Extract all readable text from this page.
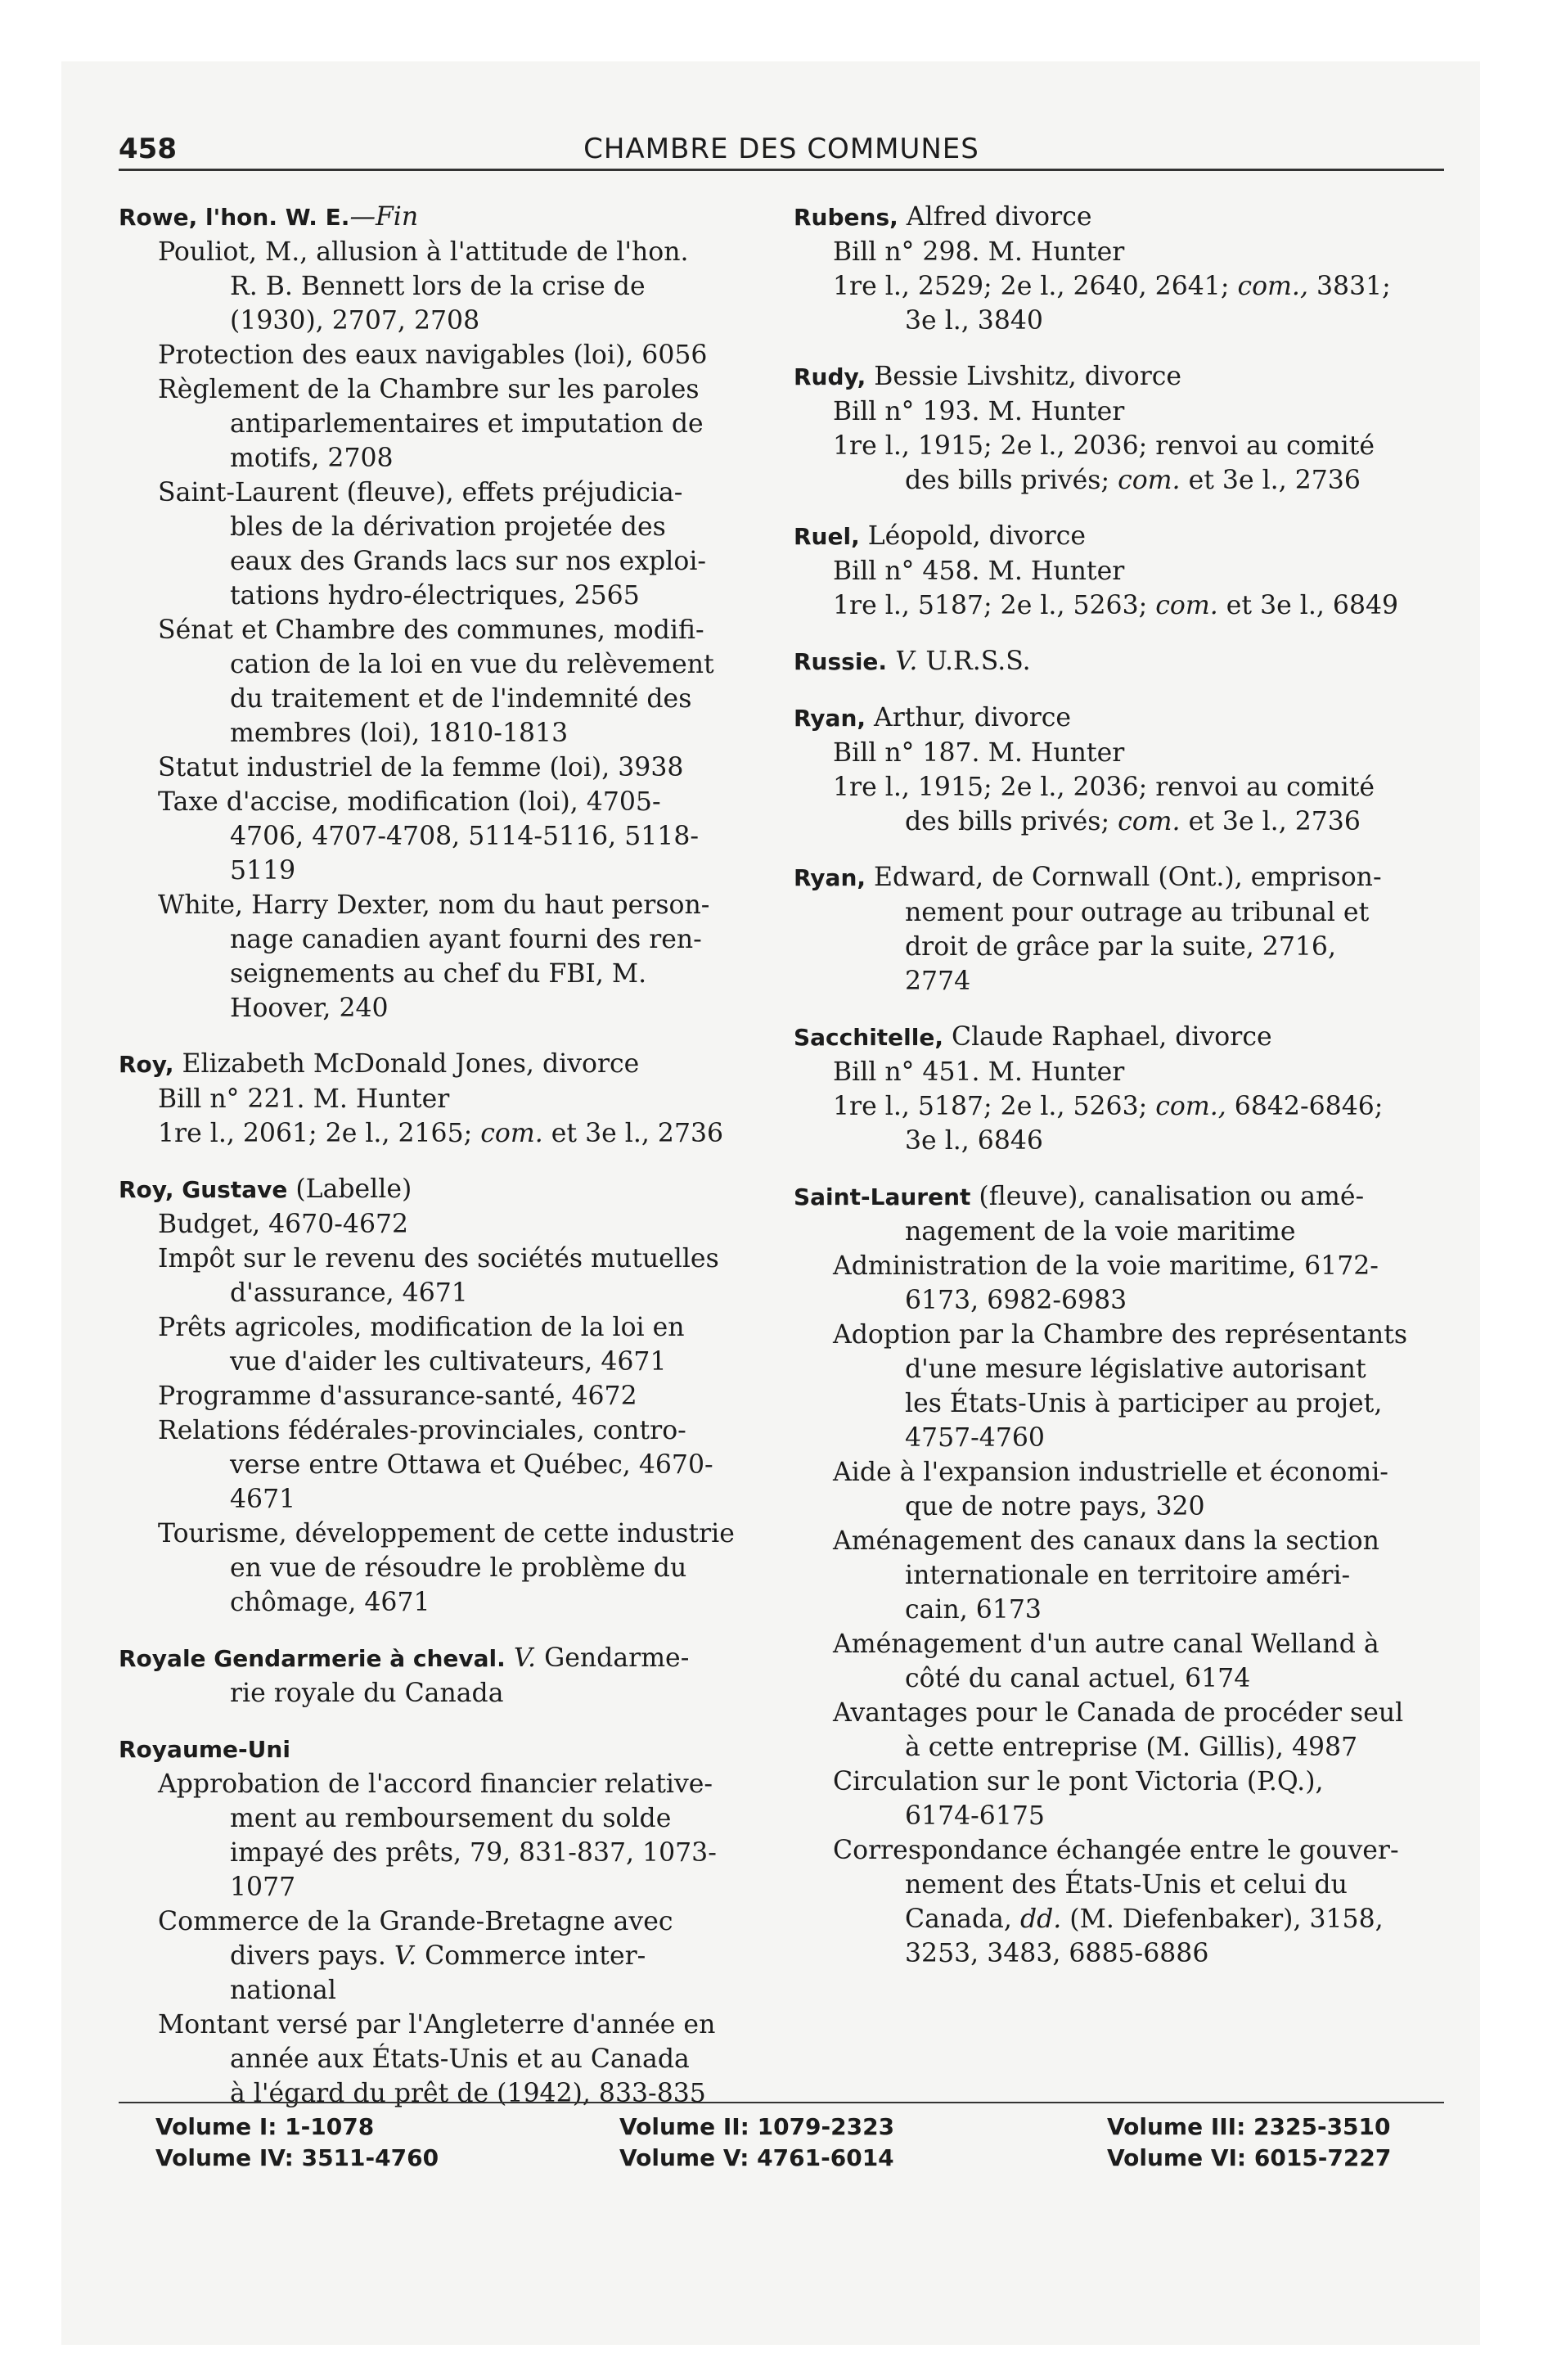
458	CHAMBRE DES COMMUNES
Rowe, l'hon. W. E.—Fin
Pouliot, M., allusion à l'attitude de l'hon.
R. B. Bennett lors de la crise de
(1930), 2707, 2708
Protection des eaux navigables (loi), 6056
Règlement de la Chambre sur les paroles
antiparlementaires et imputation de
motifs, 2708
Saint-Laurent (fleuve), effets préjudicia-
bles de la dérivation projetée des
eaux des Grands lacs sur nos exploi-
tations hydro-électriques, 2565
Sénat et Chambre des communes, modifi-
cation de la loi en vue du relèvement
du traitement et de l'indemnité des
membres (loi), 1810-1813
Statut industriel de la femme (loi), 3938
Taxe d'accise, modification (loi), 4705-
4706, 4707-4708, 5114-5116, 5118-
5119
White, Harry Dexter, nom du haut person-
nage canadien ayant fourni des ren-
seignements au chef du FBI, M.
Hoover, 240
Roy, Elizabeth McDonald Jones, divorce
Bill n° 221. M. Hunter
1re l., 2061; 2e l., 2165; com. et 3e l., 2736
Roy, Gustave (Labelle)
Budget, 4670-4672
Impôt sur le revenu des sociétés mutuelles
d'assurance, 4671
Prêts agricoles, modification de la loi en
vue d'aider les cultivateurs, 4671
Programme d'assurance-santé, 4672
Relations fédérales-provinciales, contro-
verse entre Ottawa et Québec, 4670-
4671
Tourisme, développement de cette industrie
en vue de résoudre le problème du
chômage, 4671
Royale Gendarmerie à cheval. V. Gendarme-
rie royale du Canada
Royaume-Uni
Approbation de l'accord financier relative-
ment au remboursement du solde
impayé des prêts, 79, 831-837, 1073-
1077
Commerce de la Grande-Bretagne avec
divers pays. V. Commerce inter-
national
Montant versé par l'Angleterre d'année en
année aux États-Unis et au Canada
à l'égard du prêt de (1942), 833-835
Rubens, Alfred divorce
Bill n° 298. M. Hunter
1re l., 2529; 2e l., 2640, 2641; com., 3831;
3e l., 3840
Rudy, Bessie Livshitz, divorce
Bill n° 193. M. Hunter
1re l., 1915; 2e l., 2036; renvoi au comité
des bills privés; com. et 3e l., 2736
Ruel, Léopold, divorce
Bill n° 458. M. Hunter
1re l., 5187; 2e l., 5263; com. et 3e l., 6849
Russie. V. U.R.S.S.
Ryan, Arthur, divorce
Bill n° 187. M. Hunter
1re l., 1915; 2e l., 2036; renvoi au comité
des bills privés; com. et 3e l., 2736
Ryan, Edward, de Cornwall (Ont.), emprison-
nement pour outrage au tribunal et
droit de grâce par la suite, 2716,
2774
Sacchitelle, Claude Raphael, divorce
Bill n° 451. M. Hunter
1re l., 5187; 2e l., 5263; com., 6842-6846;
3e l., 6846
Saint-Laurent (fleuve), canalisation ou amé-
nagement de la voie maritime
Administration de la voie maritime, 6172-
6173, 6982-6983
Adoption par la Chambre des représentants
d'une mesure législative autorisant
les États-Unis à participer au projet,
4757-4760
Aide à l'expansion industrielle et économi-
que de notre pays, 320
Aménagement des canaux dans la section
internationale en territoire améri-
cain, 6173
Aménagement d'un autre canal Welland à
côté du canal actuel, 6174
Avantages pour le Canada de procéder seul
à cette entreprise (M. Gillis), 4987
Circulation sur le pont Victoria (P.Q.),
6174-6175
Correspondance échangée entre le gouver-
nement des États-Unis et celui du
Canada, dd. (M. Diefenbaker), 3158,
3253, 3483, 6885-6886
Volume I: 1-1078	Volume II: 1079-2323	Volume III: 2325-3510
Volume IV: 3511-4760	Volume V: 4761-6014	Volume VI: 6015-7227
